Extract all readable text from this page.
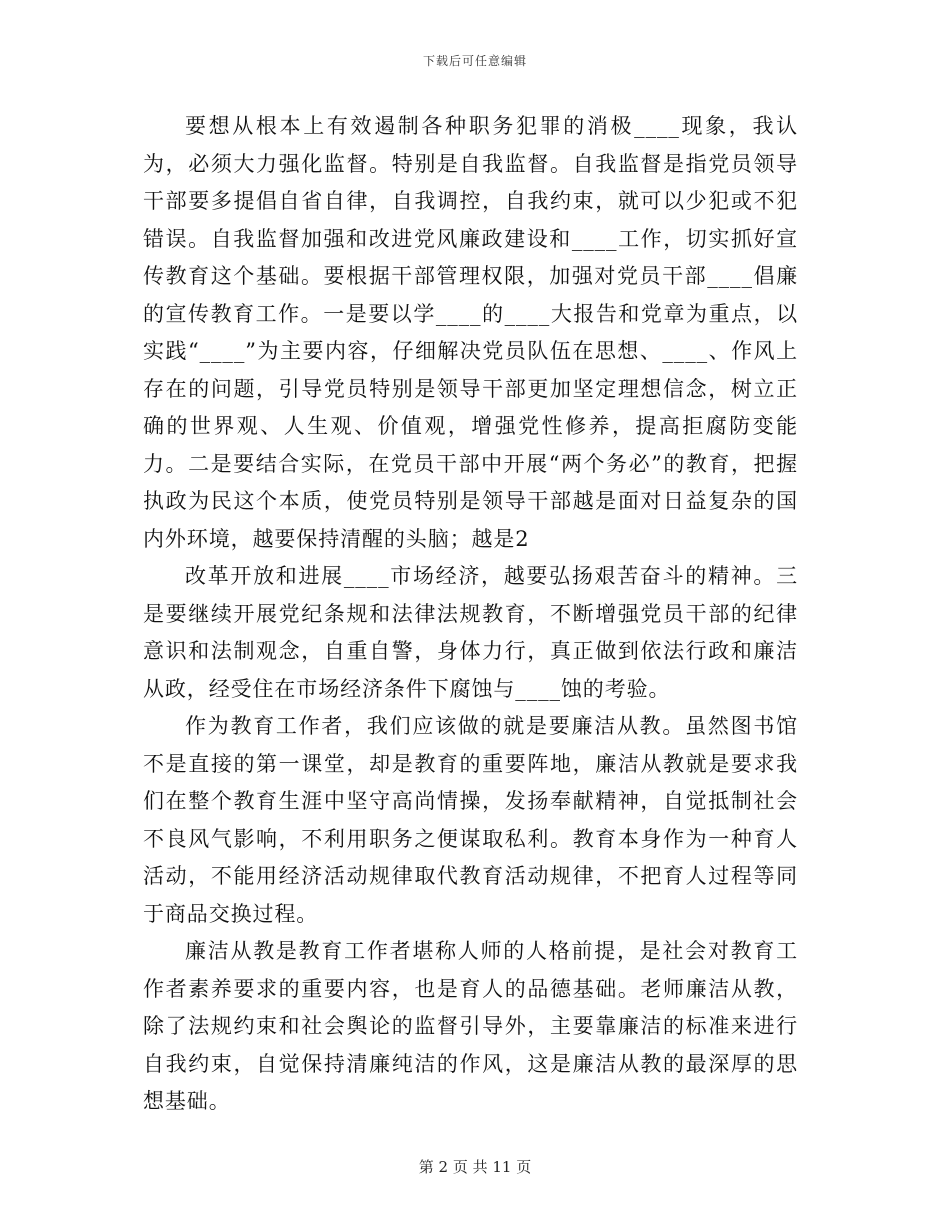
下载后可任意编辑

要想从根本上有效遏制各种职务犯罪的消极____现象，我认为，必须大力强化监督。特别是自我监督。自我监督是指党员领导干部要多提倡自省自律，自我调控，自我约束，就可以少犯或不犯错误。自我监督加强和改进党风廉政建设和____工作，切实抓好宣传教育这个基础。要根据干部管理权限，加强对党员干部____倡廉的宣传教育工作。一是要以学____的____大报告和党章为重点，以实践“____”为主要内容，仔细解决党员队伍在思想、____、作风上存在的问题，引导党员特别是领导干部更加坚定理想信念，树立正确的世界观、人生观、价值观，增强党性修养，提高拒腐防变能力。二是要结合实际，在党员干部中开展“两个务必”的教育，把握执政为民这个本质，使党员特别是领导干部越是面对日益复杂的国内外环境，越要保持清醒的头脑；越是2

改革开放和进展____市场经济，越要弘扬艰苦奋斗的精神。三是要继续开展党纪条规和法律法规教育，不断增强党员干部的纪律意识和法制观念，自重自警，身体力行，真正做到依法行政和廉洁从政，经受住在市场经济条件下腐蚀与____蚀的考验。

作为教育工作者，我们应该做的就是要廉洁从教。虽然图书馆不是直接的第一课堂，却是教育的重要阵地，廉洁从教就是要求我们在整个教育生涯中坚守高尚情操，发扬奉献精神，自觉抵制社会不良风气影响，不利用职务之便谋取私利。教育本身作为一种育人活动，不能用经济活动规律取代教育活动规律，不把育人过程等同于商品交换过程。

廉洁从教是教育工作者堪称人师的人格前提，是社会对教育工作者素养要求的重要内容，也是育人的品德基础。老师廉洁从教，除了法规约束和社会舆论的监督引导外，主要靠廉洁的标准来进行自我约束，自觉保持清廉纯洁的作风，这是廉洁从教的最深厚的思想基础。

第 2 页 共 11 页
